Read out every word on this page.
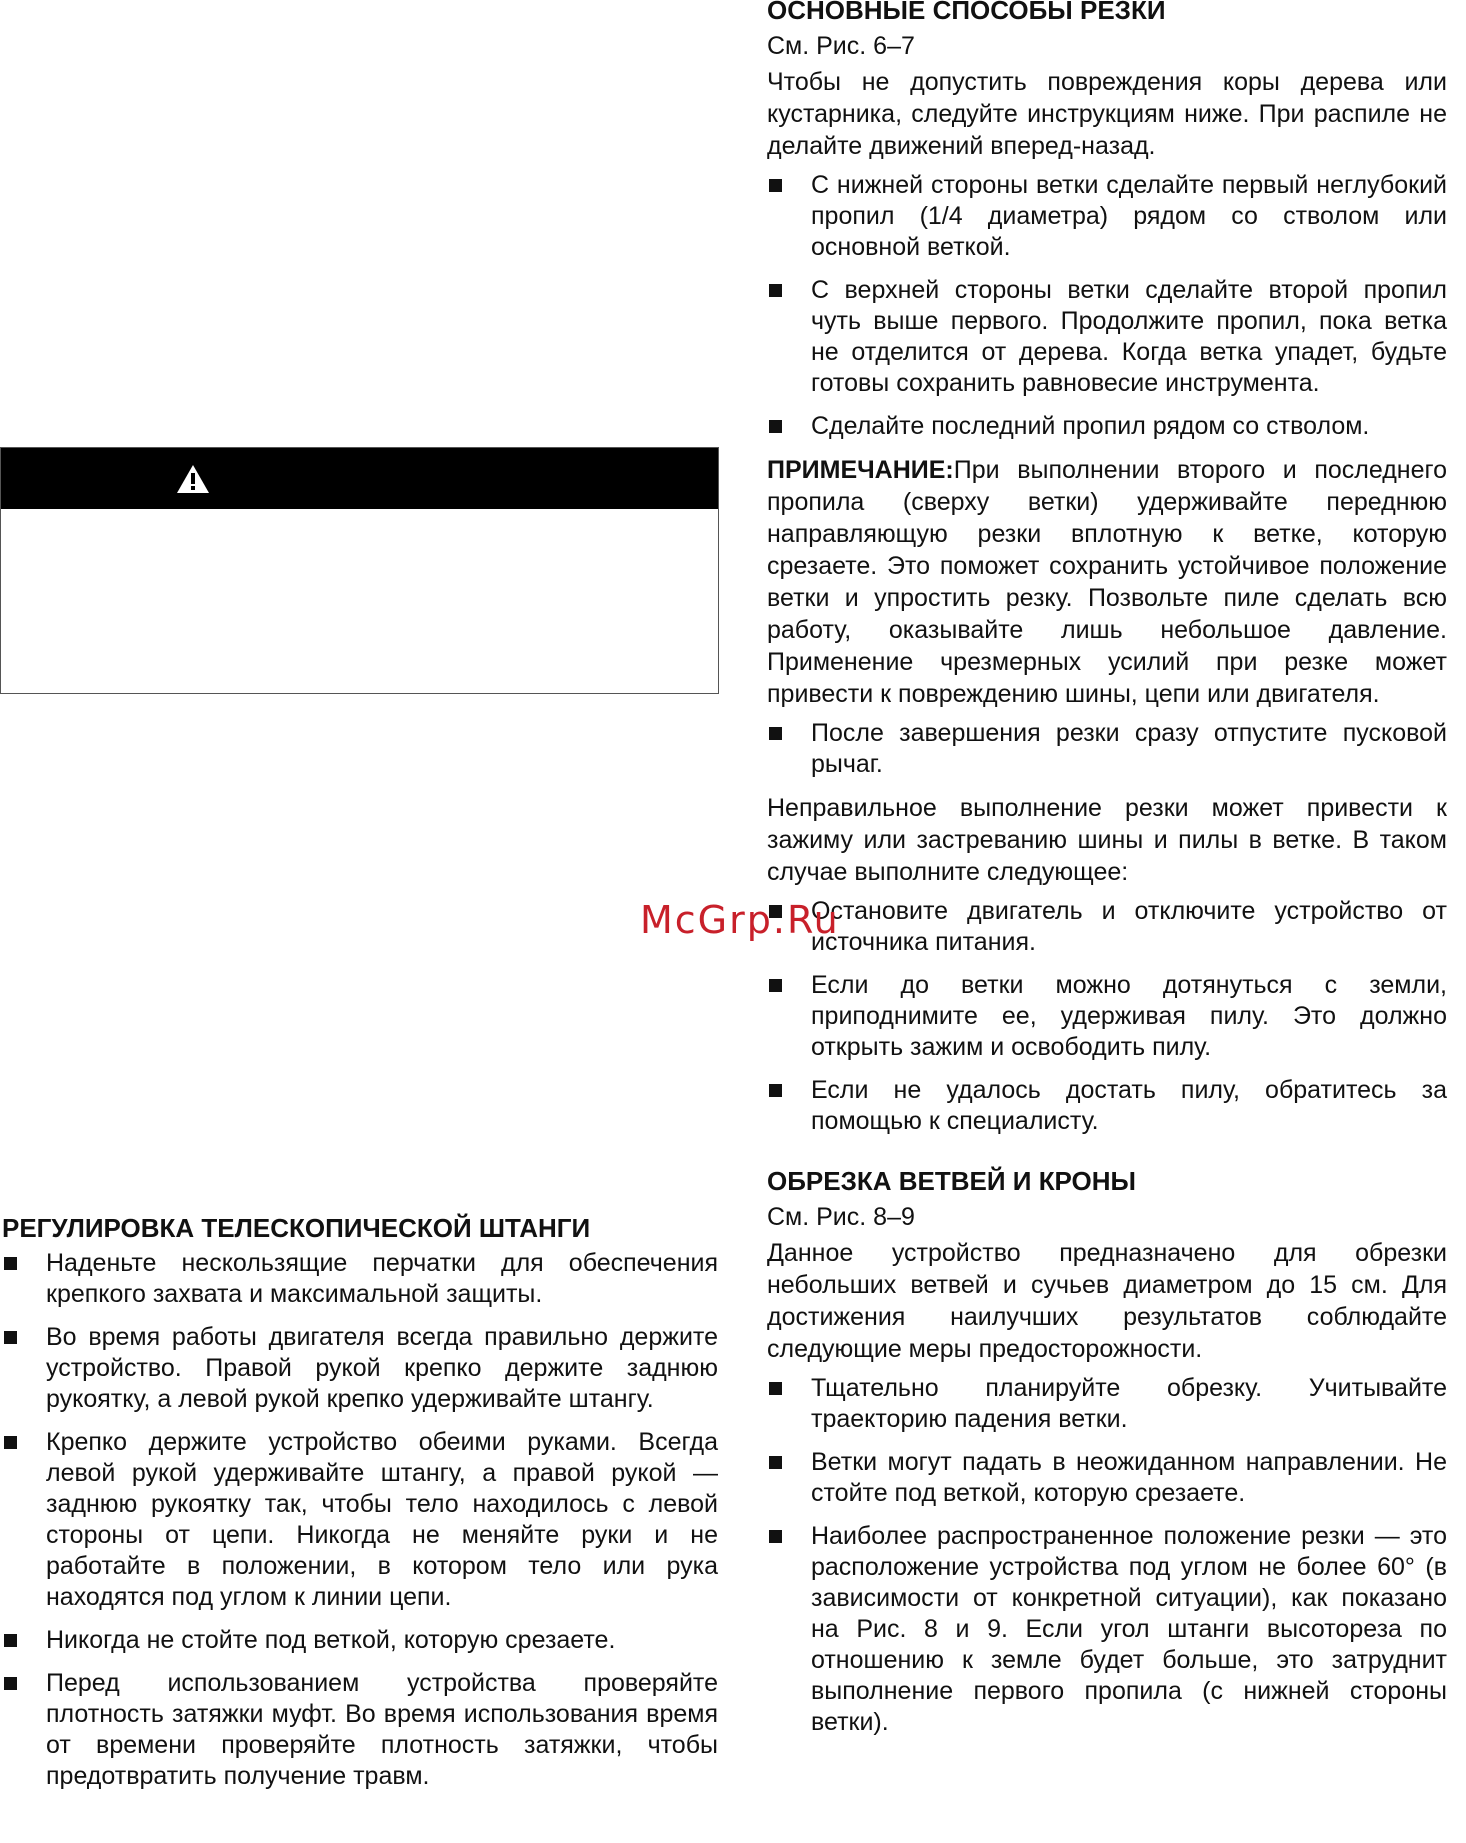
РЕГУЛИРОВКА ТЕЛЕСКОПИЧЕСКОЙ ШТАНГИ
Наденьте нескользящие перчатки для обеспечения крепкого захвата и максимальной защиты.
Во время работы двигателя всегда правильно держите устройство. Правой рукой крепко держите заднюю рукоятку, а левой рукой крепко удерживайте штангу.
Крепко держите устройство обеими руками. Всегда левой рукой удерживайте штангу, а правой рукой — заднюю рукоятку так, чтобы тело находилось с левой стороны от цепи. Никогда не меняйте руки и не работайте в положении, в котором тело или рука находятся под углом к линии цепи.
Никогда не стойте под веткой, которую срезаете.
Перед использованием устройства проверяйте плотность затяжки муфт. Во время использования время от времени проверяйте плотность затяжки, чтобы предотвратить получение травм.
ОСНОВНЫЕ СПОСОБЫ РЕЗКИ
См. Рис. 6–7
Чтобы не допустить повреждения коры дерева или кустарника, следуйте инструкциям ниже. При распиле не делайте движений вперед-назад.
С нижней стороны ветки сделайте первый неглубокий пропил (1/4 диаметра) рядом со стволом или основной веткой.
С верхней стороны ветки сделайте второй пропил чуть выше первого. Продолжите пропил, пока ветка не отделится от дерева. Когда ветка упадет, будьте готовы сохранить равновесие инструмента.
Сделайте последний пропил рядом со стволом.
ПРИМЕЧАНИЕ:При выполнении второго и последнего пропила (сверху ветки) удерживайте переднюю направляющую резки вплотную к ветке, которую срезаете. Это поможет сохранить устойчивое положение ветки и упростить резку. Позвольте пиле сделать всю работу, оказывайте лишь небольшое давление. Применение чрезмерных усилий при резке может привести к повреждению шины, цепи или двигателя.
После завершения резки сразу отпустите пусковой рычаг.
Неправильное выполнение резки может привести к зажиму или застреванию шины и пилы в ветке. В таком случае выполните следующее:
Остановите двигатель и отключите устройство от источника питания.
Если до ветки можно дотянуться с земли, приподнимите ее, удерживая пилу. Это должно открыть зажим и освободить пилу.
Если не удалось достать пилу, обратитесь за помощью к специалисту.
ОБРЕЗКА ВЕТВЕЙ И КРОНЫ
См. Рис. 8–9
Данное устройство предназначено для обрезки небольших ветвей и сучьев диаметром до 15 см. Для достижения наилучших результатов соблюдайте следующие меры предосторожности.
Тщательно планируйте обрезку. Учитывайте траекторию падения ветки.
Ветки могут падать в неожиданном направлении. Не стойте под веткой, которую срезаете.
Наиболее распространенное положение резки — это расположение устройства под углом не более 60° (в зависимости от конкретной ситуации), как показано на Рис. 8 и 9. Если угол штанги высотореза по отношению к земле будет больше, это затруднит выполнение первого пропила (с нижней стороны ветки).
McGrp.Ru
